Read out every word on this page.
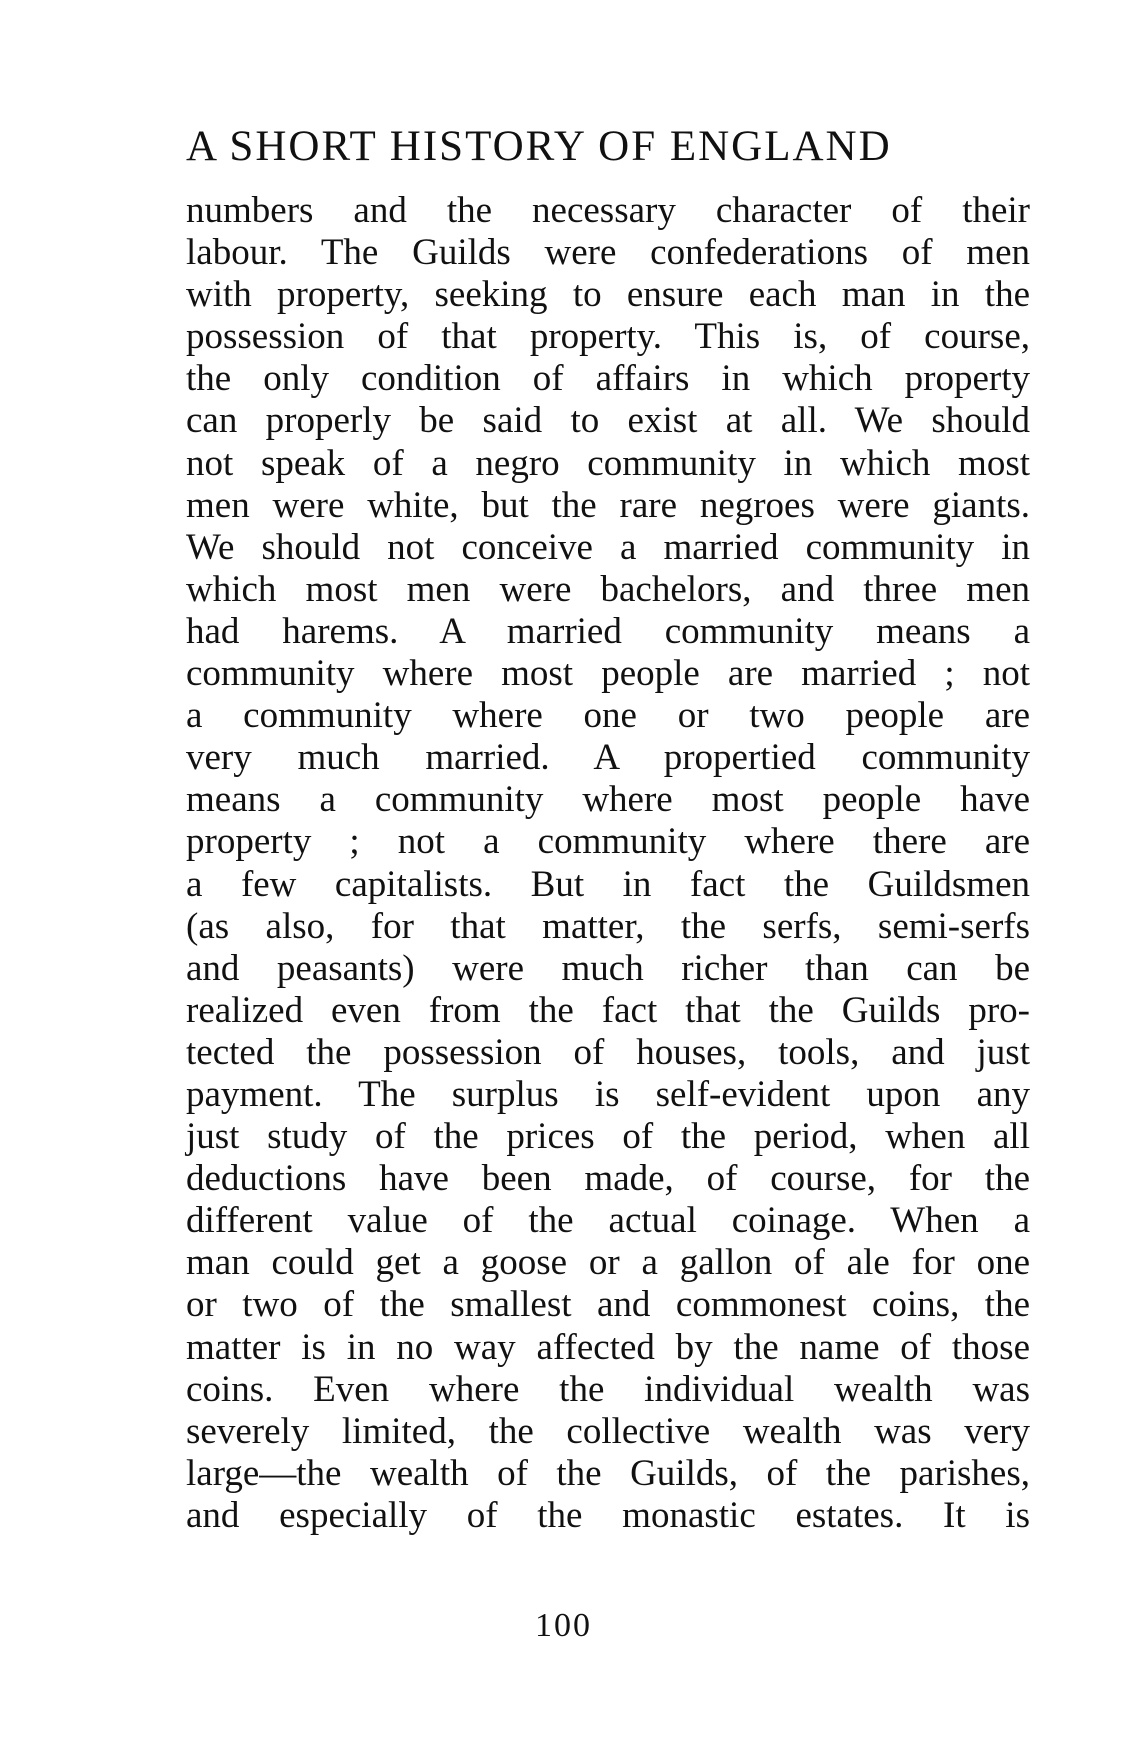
A SHORT HISTORY OF ENGLAND
numbers and the necessary character of their
labour. The Guilds were confederations of men
with property, seeking to ensure each man in the
possession of that property. This is, of course,
the only condition of affairs in which property
can properly be said to exist at all. We should
not speak of a negro community in which most
men were white, but the rare negroes were giants.
We should not conceive a married community in
which most men were bachelors, and three men
had harems. A married community means a
community where most people are married ; not
a community where one or two people are
very much married. A propertied community
means a community where most people have
property ; not a community where there are
a few capitalists. But in fact the Guildsmen
(as also, for that matter, the serfs, semi-serfs
and peasants) were much richer than can be
realized even from the fact that the Guilds pro-
tected the possession of houses, tools, and just
payment. The surplus is self-evident upon any
just study of the prices of the period, when all
deductions have been made, of course, for the
different value of the actual coinage. When a
man could get a goose or a gallon of ale for one
or two of the smallest and commonest coins, the
matter is in no way affected by the name of those
coins. Even where the individual wealth was
severely limited, the collective wealth was very
large—the wealth of the Guilds, of the parishes,
and especially of the monastic estates. It is
100
